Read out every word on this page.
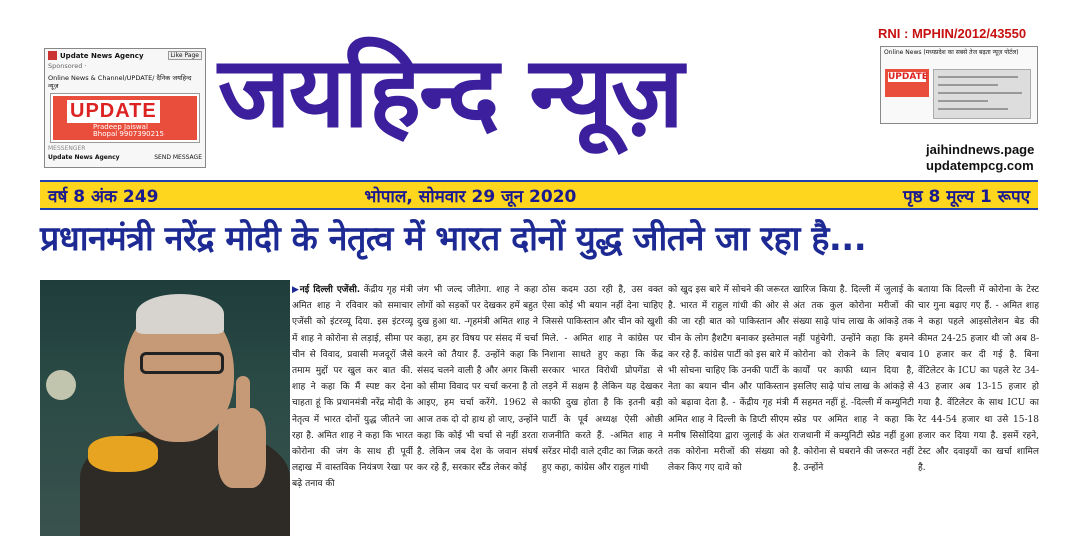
Update News Agency	Like Page
Sponsored ·
Online News & Channel/UPDATE/ दैनिक जयहिन्द न्यूज़
UPDATE
Pradeep Jaiswal
Bhopal 9907390215
MESSENGER
Update News Agency	SEND MESSAGE
जयहिन्द न्यूज़
RNI : MPHIN/2012/43550
Online News (मध्यप्रदेश का सबसे तेज बढ़ता न्यूज़ पोर्टल)
UPDATE
jaihindnews.page
updatempcg.com
वर्ष 8 अंक 249	भोपाल, सोमवार 29 जून 2020	पृष्ठ 8 मूल्य 1 रूपए
प्रधानमंत्री नरेंद्र मोदी के नेतृत्व में भारत दोनों युद्ध जीतने जा रहा है...

▶नई दिल्ली एजेंसी. केंद्रीय गृह मंत्री अमित शाह ने रविवार को समाचार एजेंसी को इंटरव्यू दिया. इस इंटरव्यू में शाह ने कोरोना से लड़ाई, सीमा पर चीन से विवाद, प्रवासी मजदूरों जैसे तमाम मुद्दों पर खुल कर बात की. शाह ने कहा कि मैं स्पष्ट कर देना चाहता हूं कि प्रधानमंत्री नरेंद्र मोदी के नेतृत्व में भारत दोनों युद्ध जीतने जा रहा है. अमित शाह ने कहा कि भारत कोरोना की जंग के साथ ही पूर्वी लद्दाख में वास्तविक नियंत्रण रेखा पर बढ़े तनाव की

जंग भी जल्द जीतेगा. शाह ने कहा लोगों को सड़कों पर देखकर हमें बहुत दुख हुआ था. -गृहमंत्री अमित शाह ने कहा, हम हर विषय पर संसद में चर्चा करने को तैयार हैं. उन्होंने कहा कि संसद चलने वाली है और अगर किसी को सीमा विवाद पर चर्चा करना है तो आइए, हम चर्चा करेंगे. 1962 से आज तक दो दो हाथ हो जाए, उन्होंने कहा कि कोई भी चर्चा से नहीं डरता है. लेकिन जब देश के जवान संघर्ष कर रहे हैं, सरकार स्टैंड लेकर कोई

ठोस कदम उठा रही है, उस वक्त ऐसा कोई भी बयान नहीं देना चाहिए जिससे पाकिस्तान और चीन को खुशी मिले. - अमित शाह ने कांग्रेस पर निशाना साधते हुए कहा कि केंद्र सरकार भारत विरोधी प्रोपगेंडा से लड़ने में सक्षम है लेकिन यह देखकर काफी दुख होता है कि इतनी बड़ी पार्टी के पूर्व अध्यक्ष ऐसी ओछी राजनीति करते हैं. -अमित शाह ने सरेंडर मोदी वाले ट्वीट का जिक्र करते हुए कहा, कांग्रेस और राहुल गांधी

को खुद इस बारे में सोचने की जरूरत है. भारत में राहुल गांधी की ओर से की जा रही बात को पाकिस्तान और चीन के लोग हैशटैग बनाकर इस्तेमाल कर रहे हैं. कांग्रेस पार्टी को इस बारे में भी सोचना चाहिए कि उनकी पार्टी के नेता का बयान चीन और पाकिस्तान को बढ़ावा देता है. - केंद्रीय गृह मंत्री अमित शाह ने दिल्ली के डिप्टी सीएम मनीष सिसोदिया द्वारा जुलाई के अंत तक कोरोना मरीजों की संख्या को लेकर किए गए दावे को

खारिज किया है. दिल्ली में जुलाई के अंत तक कुल कोरोना मरीजों की संख्या साढ़े पांच लाख के आंकड़े तक नहीं पहुंचेगी. उन्होंने कहा कि हमने कोरोना को रोकने के लिए बचाव कार्यों पर काफी ध्यान दिया है, इसलिए साढ़े पांच लाख के आंकड़े से मैं सहमत नहीं हूं. -दिल्ली में कम्युनिटी स्प्रेड पर अमित शाह ने कहा कि राजधानी में कम्युनिटी स्प्रेड नहीं हुआ है. कोरोना से घबराने की जरूरत नहीं है. उन्होंने

बताया कि दिल्ली में कोरोना के टेस्ट चार गुना बढ़ाए गए हैं. - अमित शाह ने कहा पहले आइसोलेशन बेड की कीमत 24-25 हजार थी जो अब 8-10 हजार कर दी गई है. बिना वेंटिलेटर के ICU का पहले रेट 34-43 हजार अब 13-15 हजार हो गया है. वेंटिलेटर के साथ ICU का रेट 44-54 हजार था उसे 15-18 हजार कर दिया गया है. इसमें रहने, टेस्ट और दवाइयों का खर्चा शामिल है.
